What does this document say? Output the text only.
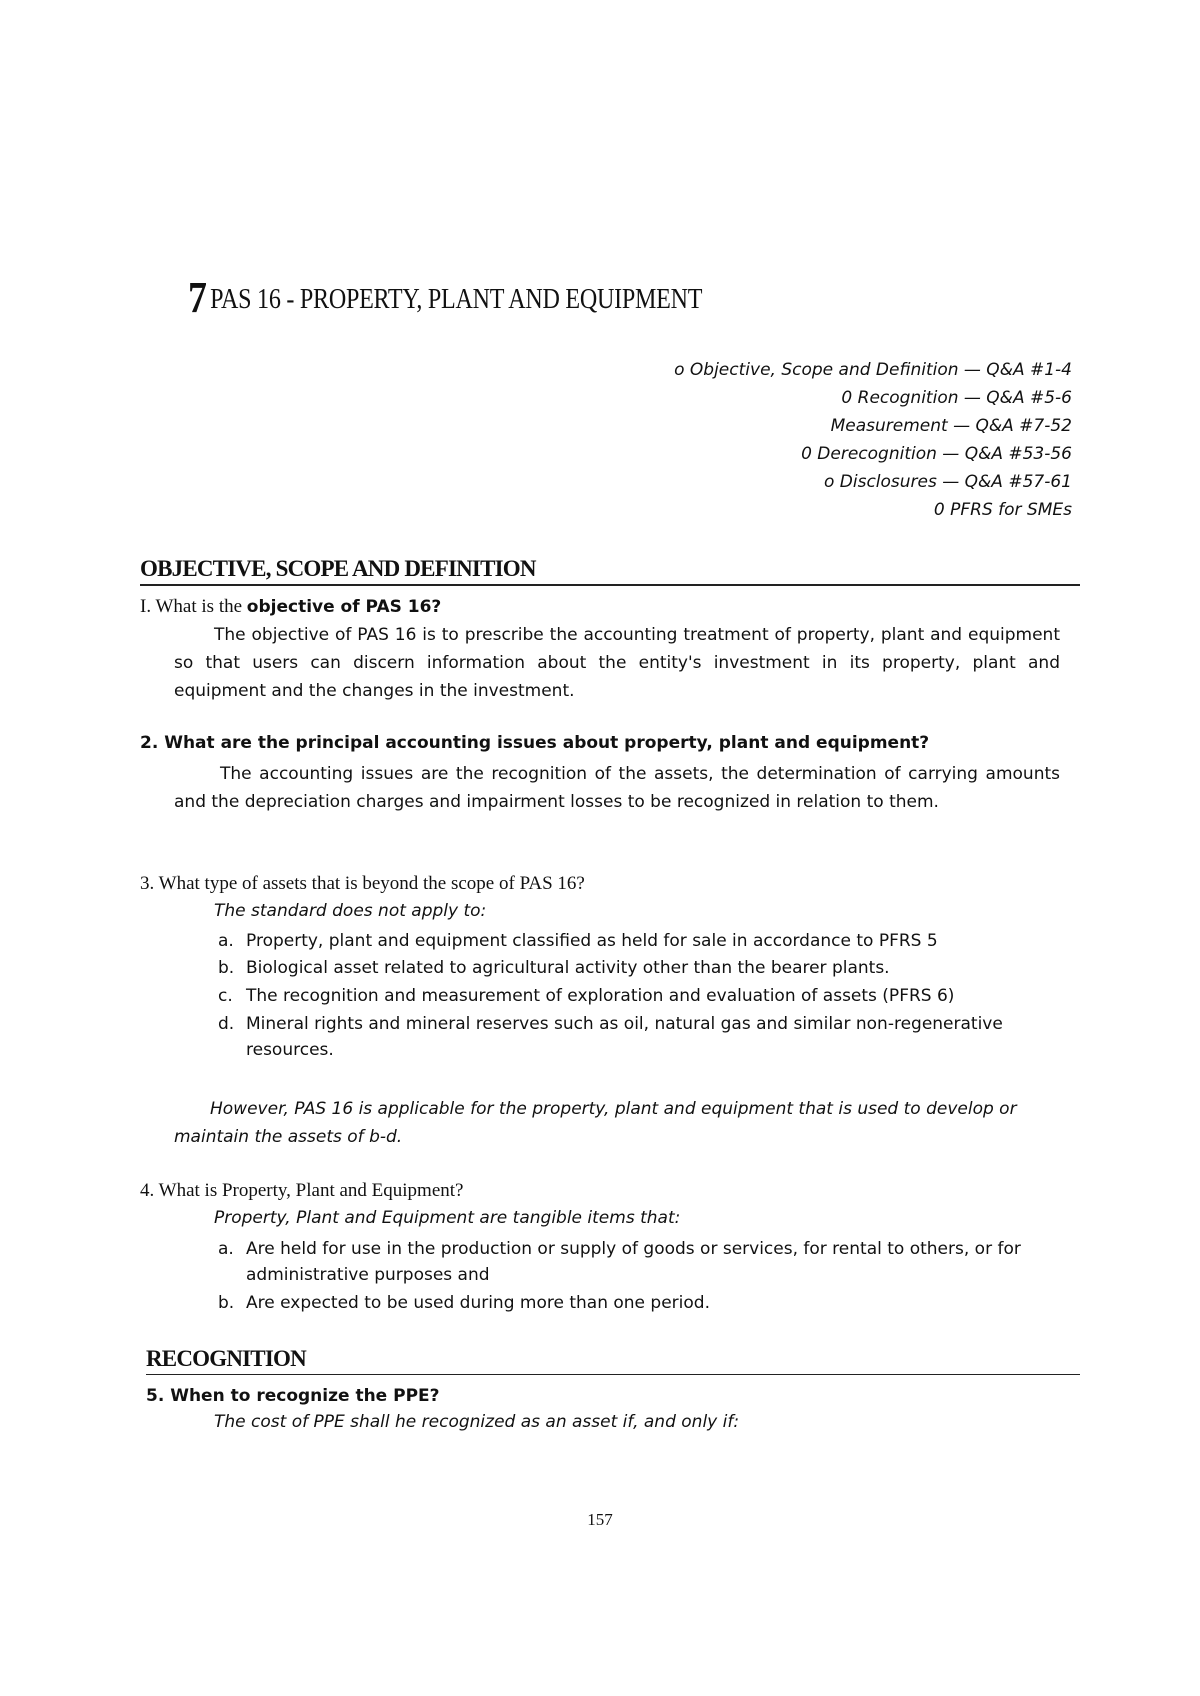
7 PAS 16 - PROPERTY, PLANT AND EQUIPMENT
o Objective, Scope and Definition — Q&A #1-4
0 Recognition — Q&A #5-6
Measurement — Q&A #7-52
0 Derecognition — Q&A #53-56
o Disclosures — Q&A #57-61
0 PFRS for SMEs
OBJECTIVE, SCOPE AND DEFINITION

I. What is the objective of PAS 16?

The objective of PAS 16 is to prescribe the accounting treatment of property, plant and equipment so that users can discern information about the entity's investment in its property, plant and equipment and the changes in the investment.

2. What are the principal accounting issues about property, plant and equipment?

The accounting issues are the recognition of the assets, the determination of carrying amounts and the depreciation charges and impairment losses to be recognized in relation to them.

3. What type of assets that is beyond the scope of PAS 16?

The standard does not apply to:
a. Property, plant and equipment classified as held for sale in accordance to PFRS 5
b. Biological asset related to agricultural activity other than the bearer plants.
c. The recognition and measurement of exploration and evaluation of assets (PFRS 6)
d. Mineral rights and mineral reserves such as oil, natural gas and similar non-regenerative resources.

However, PAS 16 is applicable for the property, plant and equipment that is used to develop or maintain the assets of b-d.

4. What is Property, Plant and Equipment?

Property, Plant and Equipment are tangible items that:
a. Are held for use in the production or supply of goods or services, for rental to others, or for administrative purposes and
b. Are expected to be used during more than one period.
RECOGNITION

5. When to recognize the PPE?

The cost of PPE shall he recognized as an asset if, and only if:
157
